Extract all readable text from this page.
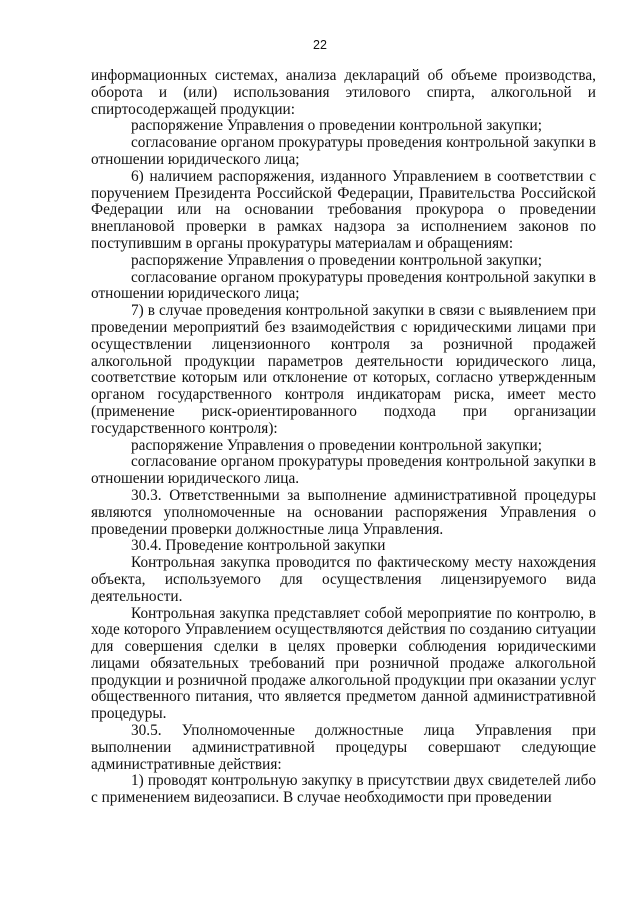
22

информационных системах, анализа деклараций об объеме производства, оборота и (или) использования этилового спирта, алкогольной и спиртосодержащей продукции:

распоряжение Управления о проведении контрольной закупки;

согласование органом прокуратуры проведения контрольной закупки в отношении юридического лица;

6) наличием распоряжения, изданного Управлением в соответствии с поручением Президента Российской Федерации, Правительства Российской Федерации или на основании требования прокурора о проведении внеплановой проверки в рамках надзора за исполнением законов по поступившим в органы прокуратуры материалам и обращениям:

распоряжение Управления о проведении контрольной закупки;

согласование органом прокуратуры проведения контрольной закупки в отношении юридического лица;

7) в случае проведения контрольной закупки в связи с выявлением при проведении мероприятий без взаимодействия с юридическими лицами при осуществлении лицензионного контроля за розничной продажей алкогольной продукции параметров деятельности юридического лица, соответствие которым или отклонение от которых, согласно утвержденным органом государственного контроля индикаторам риска, имеет место (применение риск-ориентированного подхода при организации государственного контроля):

распоряжение Управления о проведении контрольной закупки;

согласование органом прокуратуры проведения контрольной закупки в отношении юридического лица.

30.3. Ответственными за выполнение административной процедуры являются уполномоченные на основании распоряжения Управления о проведении проверки должностные лица Управления.

30.4. Проведение контрольной закупки

Контрольная закупка проводится по фактическому месту нахождения объекта, используемого для осуществления лицензируемого вида деятельности.

Контрольная закупка представляет собой мероприятие по контролю, в ходе которого Управлением осуществляются действия по созданию ситуации для совершения сделки в целях проверки соблюдения юридическими лицами обязательных требований при розничной продаже алкогольной продукции и розничной продаже алкогольной продукции при оказании услуг общественного питания, что является предметом данной административной процедуры.

30.5. Уполномоченные должностные лица Управления при выполнении административной процедуры совершают следующие административные действия:

1) проводят контрольную закупку в присутствии двух свидетелей либо с применением видеозаписи. В случае необходимости при проведении
